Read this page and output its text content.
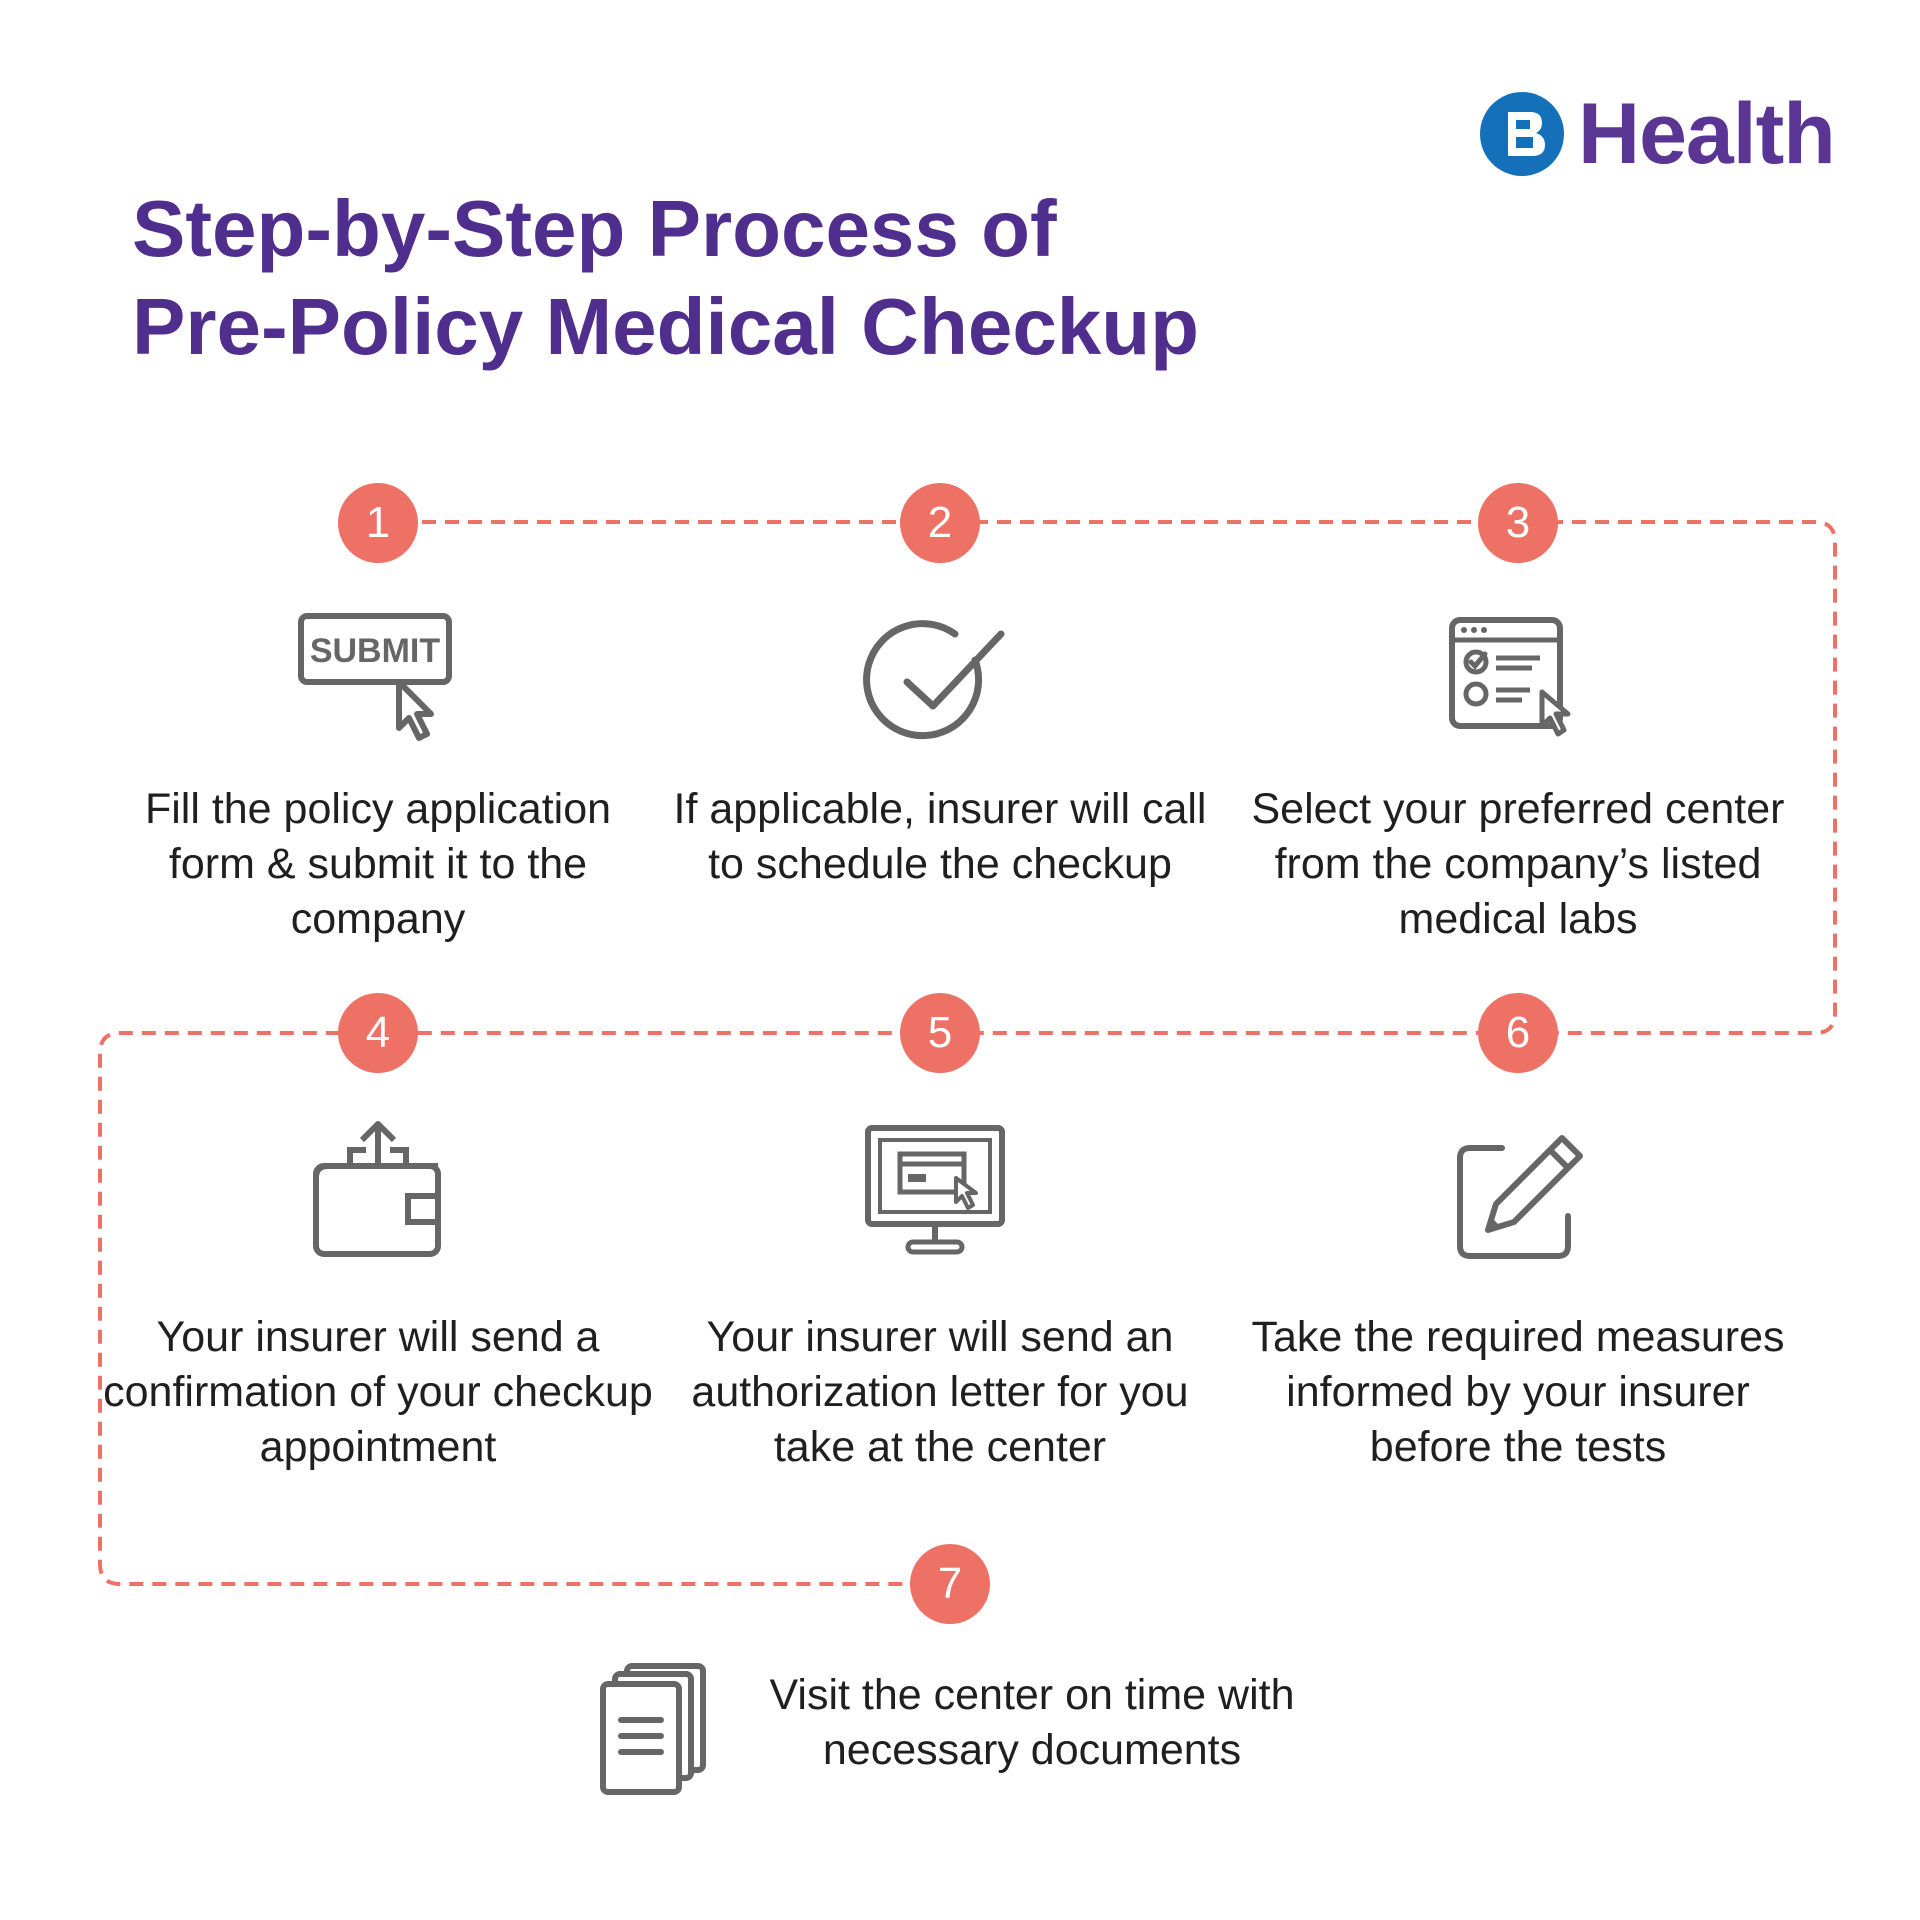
Health
Step-by-Step Process of
Pre-Policy Medical Checkup
1	2	3
4	5	6
7
SUBMIT
Fill the policy application form & submit it to the company
If applicable, insurer will call to schedule the checkup
Select your preferred center from the company’s listed medical labs
Your insurer will send a confirmation of your checkup appointment
Your insurer will send an authorization letter for you take at the center
Take the required measures informed by your insurer before the tests
Visit the center on time with necessary documents
